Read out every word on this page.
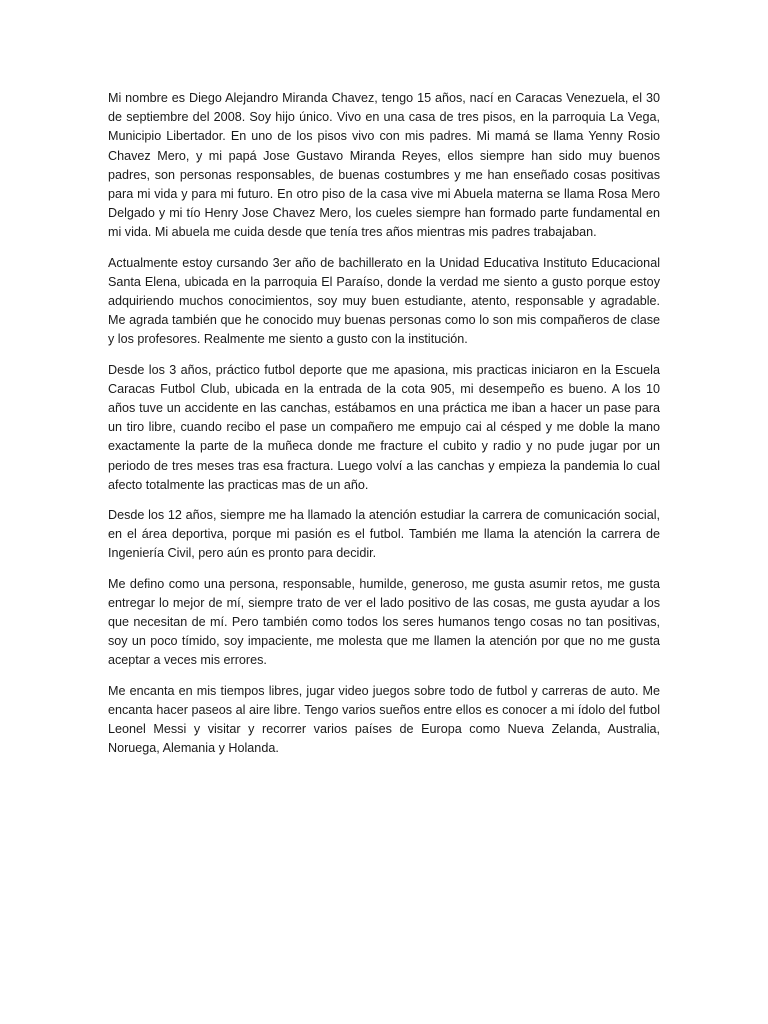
Mi nombre es Diego Alejandro Miranda Chavez, tengo 15 años, nací en Caracas Venezuela, el 30 de septiembre del 2008. Soy hijo único. Vivo en una casa de tres pisos, en la parroquia La Vega, Municipio Libertador. En uno de los pisos vivo con mis padres. Mi mamá se llama Yenny Rosio Chavez Mero, y mi papá Jose Gustavo Miranda Reyes, ellos siempre han sido muy buenos padres, son personas responsables, de buenas costumbres y me han enseñado cosas positivas para mi vida y para mi futuro. En otro piso de la casa vive mi Abuela materna se llama Rosa Mero Delgado y mi tío Henry Jose Chavez Mero, los cueles siempre han formado parte fundamental en mi vida. Mi abuela me cuida desde que tenía tres años mientras mis padres trabajaban.

Actualmente estoy cursando 3er año de bachillerato en la Unidad Educativa Instituto Educacional Santa Elena, ubicada en la parroquia El Paraíso, donde la verdad me siento a gusto porque estoy adquiriendo muchos conocimientos, soy muy buen estudiante, atento, responsable y agradable. Me agrada también que he conocido muy buenas personas como lo son mis compañeros de clase y los profesores. Realmente me siento a gusto con la institución.

Desde los 3 años, práctico futbol deporte que me apasiona, mis practicas iniciaron en la Escuela Caracas Futbol Club, ubicada en la entrada de la cota 905, mi desempeño es bueno. A los 10 años tuve un accidente en las canchas, estábamos en una práctica me iban a hacer un pase para un tiro libre, cuando recibo el pase un compañero me empujo cai al césped y me doble la mano exactamente la parte de la muñeca donde me fracture el cubito y radio y no pude jugar por un periodo de tres meses tras esa fractura. Luego volví a las canchas y empieza la pandemia lo cual afecto totalmente las practicas mas de un año.

Desde los 12 años, siempre me ha llamado la atención estudiar la carrera de comunicación social, en el área deportiva, porque mi pasión es el futbol. También me llama la atención la carrera de Ingeniería Civil, pero aún es pronto para decidir.

Me defino como una persona, responsable, humilde, generoso, me gusta asumir retos, me gusta entregar lo mejor de mí, siempre trato de ver el lado positivo de las cosas, me gusta ayudar a los que necesitan de mí. Pero también como todos los seres humanos tengo cosas no tan positivas, soy un poco tímido, soy impaciente, me molesta que me llamen la atención por que no me gusta aceptar a veces mis errores.

Me encanta en mis tiempos libres, jugar video juegos sobre todo de futbol y carreras de auto. Me encanta hacer paseos al aire libre. Tengo varios sueños entre ellos es conocer a mi ídolo del futbol Leonel Messi y visitar y recorrer varios países de Europa como Nueva Zelanda, Australia, Noruega, Alemania y Holanda.
